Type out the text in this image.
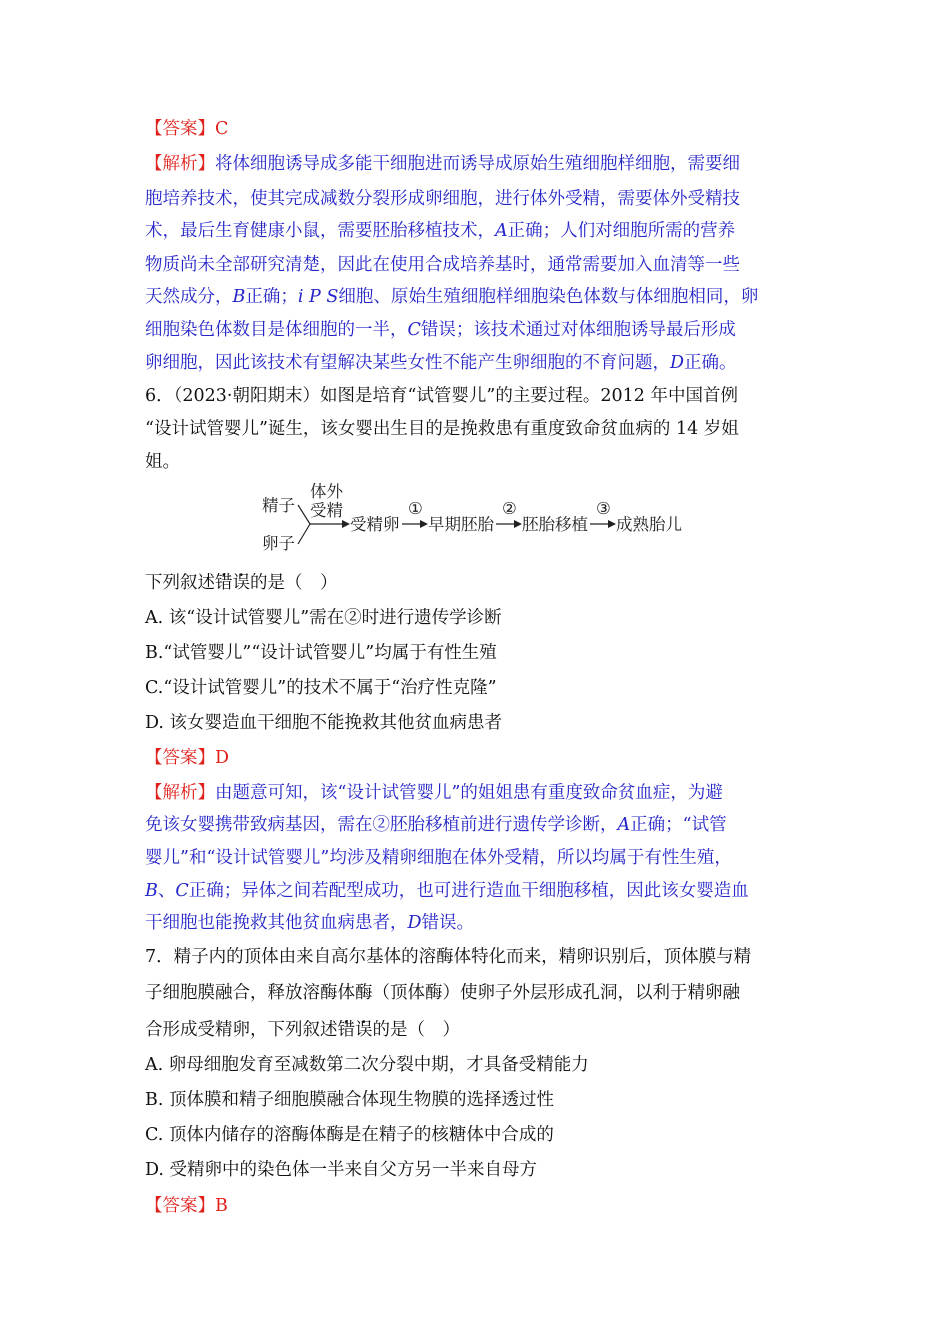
【答案】C
【解析】将体细胞诱导成多能干细胞进而诱导成原始生殖细胞样细胞，需要细
胞培养技术，使其完成减数分裂形成卵细胞，进行体外受精，需要体外受精技
术，最后生育健康小鼠，需要胚胎移植技术，A正确；人们对细胞所需的营养
物质尚未全部研究清楚，因此在使用合成培养基时，通常需要加入血清等一些
天然成分，B正确；i P S细胞、原始生殖细胞样细胞染色体数与体细胞相同，卵
细胞染色体数目是体细胞的一半，C错误；该技术通过对体细胞诱导最后形成
卵细胞，因此该技术有望解决某些女性不能产生卵细胞的不育问题，D正确。
6．（2023·朝阳期末）如图是培育“试管婴儿”的主要过程。2012 年中国首例
“设计试管婴儿”诞生，该女婴出生目的是挽救患有重度致命贫血病的 14 岁姐
姐。
精子
卵子
体外
受精
受精卵
①
早期胚胎
②
胚胎移植
③
成熟胎儿
下列叙述错误的是（　）
A. 该“设计试管婴儿”需在②时进行遗传学诊断
B.“试管婴儿”“设计试管婴儿”均属于有性生殖
C.“设计试管婴儿”的技术不属于“治疗性克隆”
D. 该女婴造血干细胞不能挽救其他贫血病患者
【答案】D
【解析】由题意可知，该“设计试管婴儿”的姐姐患有重度致命贫血症，为避
免该女婴携带致病基因，需在②胚胎移植前进行遗传学诊断，A正确；“试管
婴儿”和“设计试管婴儿”均涉及精卵细胞在体外受精，所以均属于有性生殖，
B、C正确；异体之间若配型成功，也可进行造血干细胞移植，因此该女婴造血
干细胞也能挽救其他贫血病患者，D错误。
7．精子内的顶体由来自高尔基体的溶酶体特化而来，精卵识别后，顶体膜与精
子细胞膜融合，释放溶酶体酶（顶体酶）使卵子外层形成孔洞，以利于精卵融
合形成受精卵，下列叙述错误的是（　）
A. 卵母细胞发育至减数第二次分裂中期，才具备受精能力
B. 顶体膜和精子细胞膜融合体现生物膜的选择透过性
C. 顶体内储存的溶酶体酶是在精子的核糖体中合成的
D. 受精卵中的染色体一半来自父方另一半来自母方
【答案】B
